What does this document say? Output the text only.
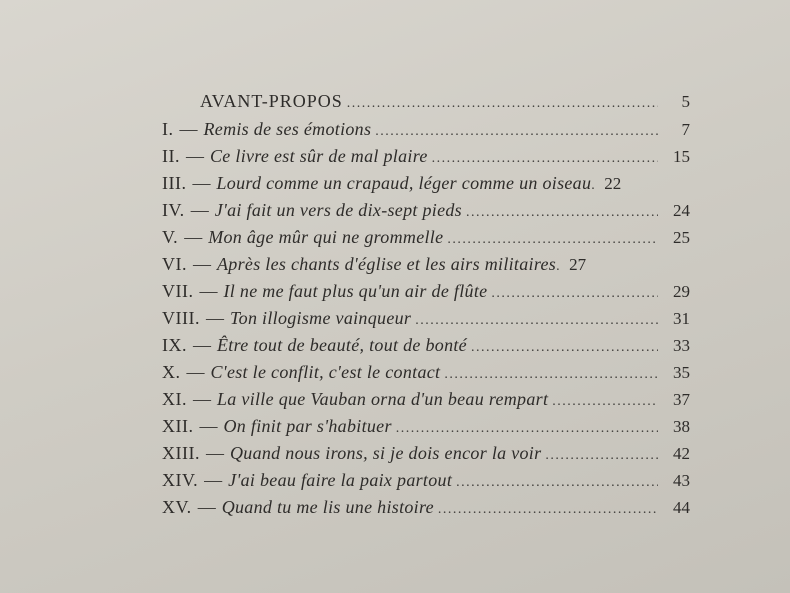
AVANT-PROPOS . . .	5
I. — Remis de ses émotions . . .	7
II. — Ce livre est sûr de mal plaire . . .	15
III. — Lourd comme un crapaud, léger comme un oiseau . . . 22
IV. — J'ai fait un vers de dix-sept pieds . . .	24
V. — Mon âge mûr qui ne grommelle . . .	25
VI. — Après les chants d'église et les airs militaires . . . 27
VII. — Il ne me faut plus qu'un air de flûte . . .	29
VIII. — Ton illogisme vainqueur . . .	31
IX. — Être tout de beauté, tout de bonté . . .	33
X. — C'est le conflit, c'est le contact . . .	35
XI. — La ville que Vauban orna d'un beau rempart . . .	37
XII. — On finit par s'habituer . . .	38
XIII. — Quand nous irons, si je dois encor la voir . . .	42
XIV. — J'ai beau faire la paix partout . . .	43
XV. — Quand tu me lis une histoire . . .	44
